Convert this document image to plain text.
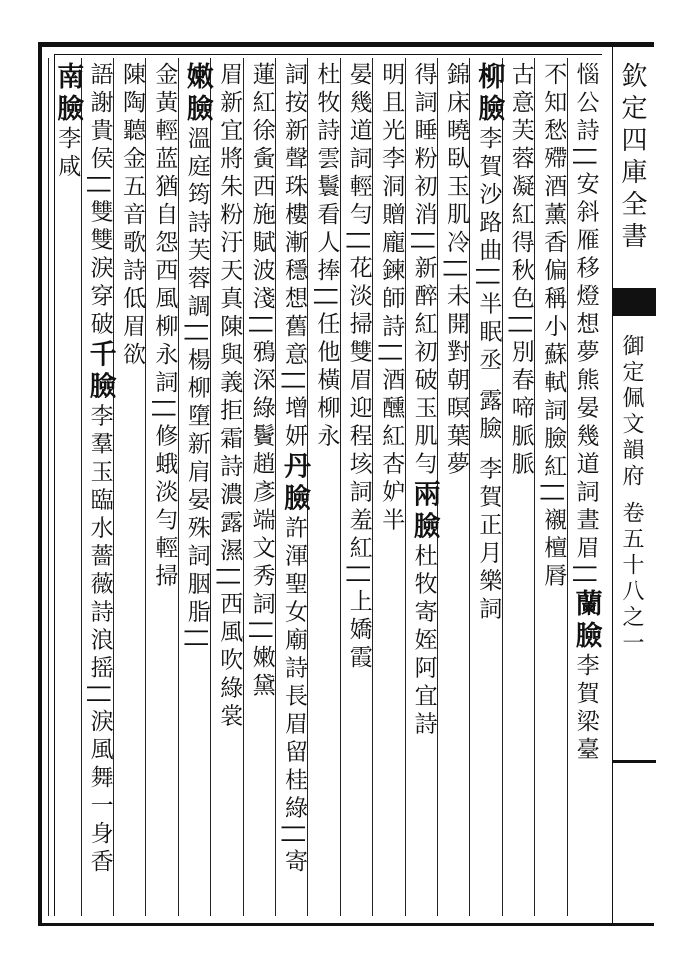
欽定四庫全書
御定佩文韻府 卷五十八之一
惱公詩||安斜雁移燈想夢熊晏幾道詞晝眉||蘭臉李賀梁臺
不知愁殢酒薰香偏稱小蘇軾詞臉紅||襯檀脣
古意芙蓉凝紅得秋色||別春啼脈脈
柳臉李賀沙路曲||半眠丞 露臉 李賀正月樂詞
錦床曉臥玉肌冷||未開對朝暝葉夢
得詞睡粉初消||新醉紅初破玉肌勻兩臉杜牧寄姪阿宜詩
明且光李洞贈龐鍊師詩||酒醺紅杏妒半
晏幾道詞輕勻||花淡掃雙眉迎程垓詞羞紅||上嬌霞
杜牧詩雲鬟看人捧||任他橫柳永
詞按新聲珠樓漸穩想舊意||增妍丹臉許渾聖女廟詩長眉留桂綠||寄
蓮紅徐夤西施賦波淺||鴉深綠鬢趙彥端文秀詞||嫩黛
眉新宜將朱粉汙天真陳與義拒霜詩濃露濕||西風吹綠裳
嫩臉溫庭筠詩芙蓉調||楊柳墮新肩晏殊詞胭脂||
金黃輕蓝猶自怨西風柳永詞||修蛾淡勻輕掃
陳陶聽金五音歌詩低眉欲
語謝貴侯||雙雙淚穿破千臉李羣玉臨水薔薇詩浪摇||淚風舞一身香
南臉李咸
